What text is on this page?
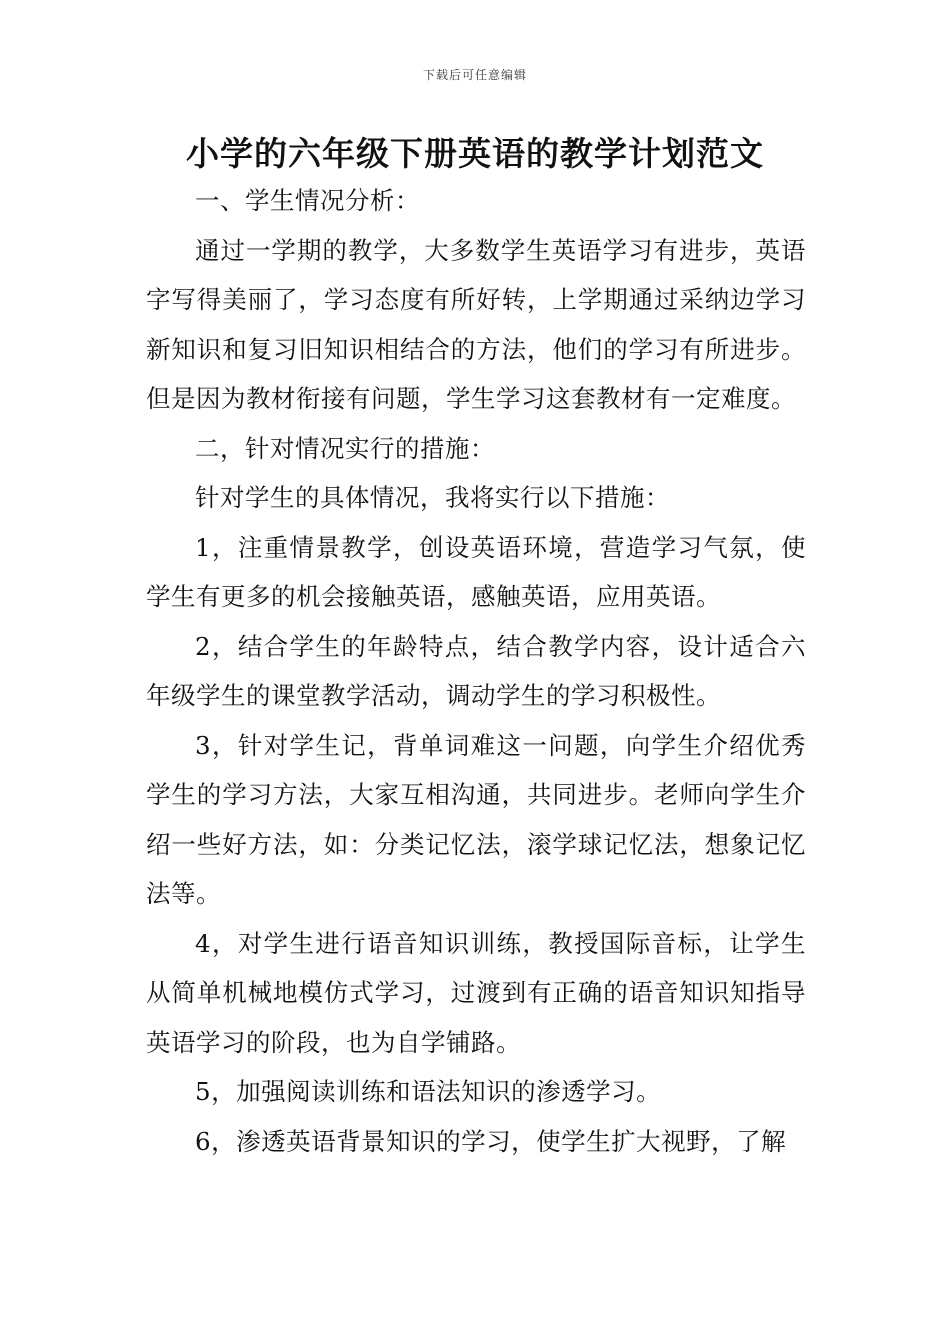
下载后可任意编辑
小学的六年级下册英语的教学计划范文

一、学生情况分析：

通过一学期的教学，大多数学生英语学习有进步，英语字写得美丽了，学习态度有所好转，上学期通过采纳边学习新知识和复习旧知识相结合的方法，他们的学习有所进步。但是因为教材衔接有问题，学生学习这套教材有一定难度。

二，针对情况实行的措施：

针对学生的具体情况，我将实行以下措施：

1，注重情景教学，创设英语环境，营造学习气氛，使学生有更多的机会接触英语，感触英语，应用英语。

2，结合学生的年龄特点，结合教学内容，设计适合六年级学生的课堂教学活动，调动学生的学习积极性。

3，针对学生记，背单词难这一问题，向学生介绍优秀学生的学习方法，大家互相沟通，共同进步。老师向学生介绍一些好方法，如：分类记忆法，滚学球记忆法，想象记忆法等。

4，对学生进行语音知识训练，教授国际音标，让学生从简单机械地模仿式学习，过渡到有正确的语音知识知指导英语学习的阶段，也为自学铺路。

5，加强阅读训练和语法知识的渗透学习。

6，渗透英语背景知识的学习，使学生扩大视野，了解
